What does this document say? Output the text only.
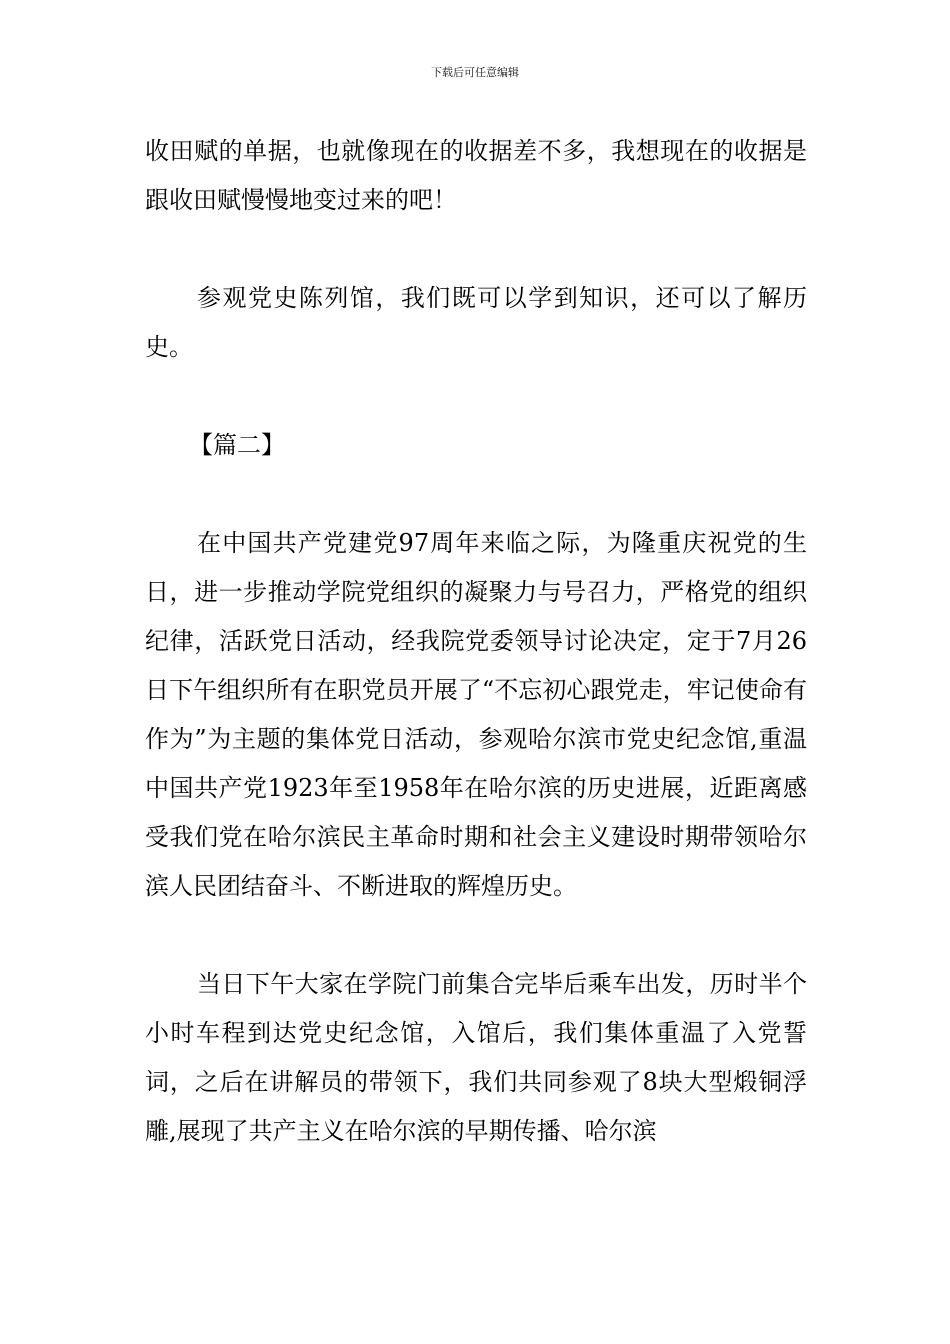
下载后可任意编辑

收田赋的单据，也就像现在的收据差不多，我想现在的收据是跟收田赋慢慢地变过来的吧！

参观党史陈列馆，我们既可以学到知识，还可以了解历史。

【篇二】

在中国共产党建党97周年来临之际，为隆重庆祝党的生日，进一步推动学院党组织的凝聚力与号召力，严格党的组织纪律，活跃党日活动，经我院党委领导讨论决定，定于7月26日下午组织所有在职党员开展了“不忘初心跟党走，牢记使命有作为”为主题的集体党日活动，参观哈尔滨市党史纪念馆,重温中国共产党1923年至1958年在哈尔滨的历史进展，近距离感受我们党在哈尔滨民主革命时期和社会主义建设时期带领哈尔滨人民团结奋斗、不断进取的辉煌历史。

当日下午大家在学院门前集合完毕后乘车出发，历时半个小时车程到达党史纪念馆，入馆后，我们集体重温了入党誓词，之后在讲解员的带领下，我们共同参观了8块大型煅铜浮雕,展现了共产主义在哈尔滨的早期传播、哈尔滨
